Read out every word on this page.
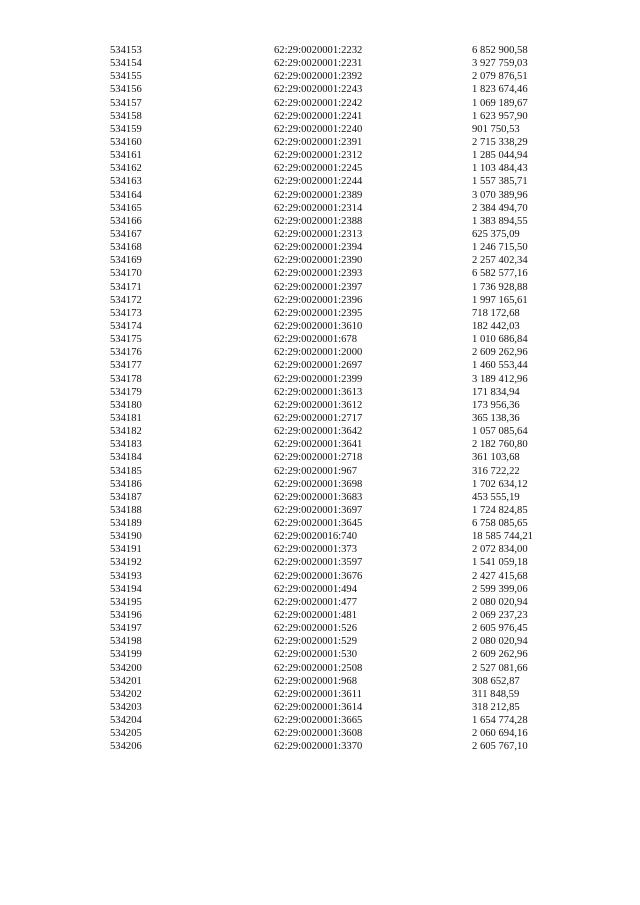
534153	62:29:0020001:2232	6 852 900,58
534154	62:29:0020001:2231	3 927 759,03
534155	62:29:0020001:2392	2 079 876,51
534156	62:29:0020001:2243	1 823 674,46
534157	62:29:0020001:2242	1 069 189,67
534158	62:29:0020001:2241	1 623 957,90
534159	62:29:0020001:2240	901 750,53
534160	62:29:0020001:2391	2 715 338,29
534161	62:29:0020001:2312	1 285 044,94
534162	62:29:0020001:2245	1 103 484,43
534163	62:29:0020001:2244	1 557 385,71
534164	62:29:0020001:2389	3 070 389,96
534165	62:29:0020001:2314	2 384 494,70
534166	62:29:0020001:2388	1 383 894,55
534167	62:29:0020001:2313	625 375,09
534168	62:29:0020001:2394	1 246 715,50
534169	62:29:0020001:2390	2 257 402,34
534170	62:29:0020001:2393	6 582 577,16
534171	62:29:0020001:2397	1 736 928,88
534172	62:29:0020001:2396	1 997 165,61
534173	62:29:0020001:2395	718 172,68
534174	62:29:0020001:3610	182 442,03
534175	62:29:0020001:678	1 010 686,84
534176	62:29:0020001:2000	2 609 262,96
534177	62:29:0020001:2697	1 460 553,44
534178	62:29:0020001:2399	3 189 412,96
534179	62:29:0020001:3613	171 834,94
534180	62:29:0020001:3612	173 956,36
534181	62:29:0020001:2717	365 138,36
534182	62:29:0020001:3642	1 057 085,64
534183	62:29:0020001:3641	2 182 760,80
534184	62:29:0020001:2718	361 103,68
534185	62:29:0020001:967	316 722,22
534186	62:29:0020001:3698	1 702 634,12
534187	62:29:0020001:3683	453 555,19
534188	62:29:0020001:3697	1 724 824,85
534189	62:29:0020001:3645	6 758 085,65
534190	62:29:0020016:740	18 585 744,21
534191	62:29:0020001:373	2 072 834,00
534192	62:29:0020001:3597	1 541 059,18
534193	62:29:0020001:3676	2 427 415,68
534194	62:29:0020001:494	2 599 399,06
534195	62:29:0020001:477	2 080 020,94
534196	62:29:0020001:481	2 069 237,23
534197	62:29:0020001:526	2 605 976,45
534198	62:29:0020001:529	2 080 020,94
534199	62:29:0020001:530	2 609 262,96
534200	62:29:0020001:2508	2 527 081,66
534201	62:29:0020001:968	308 652,87
534202	62:29:0020001:3611	311 848,59
534203	62:29:0020001:3614	318 212,85
534204	62:29:0020001:3665	1 654 774,28
534205	62:29:0020001:3608	2 060 694,16
534206	62:29:0020001:3370	2 605 767,10
